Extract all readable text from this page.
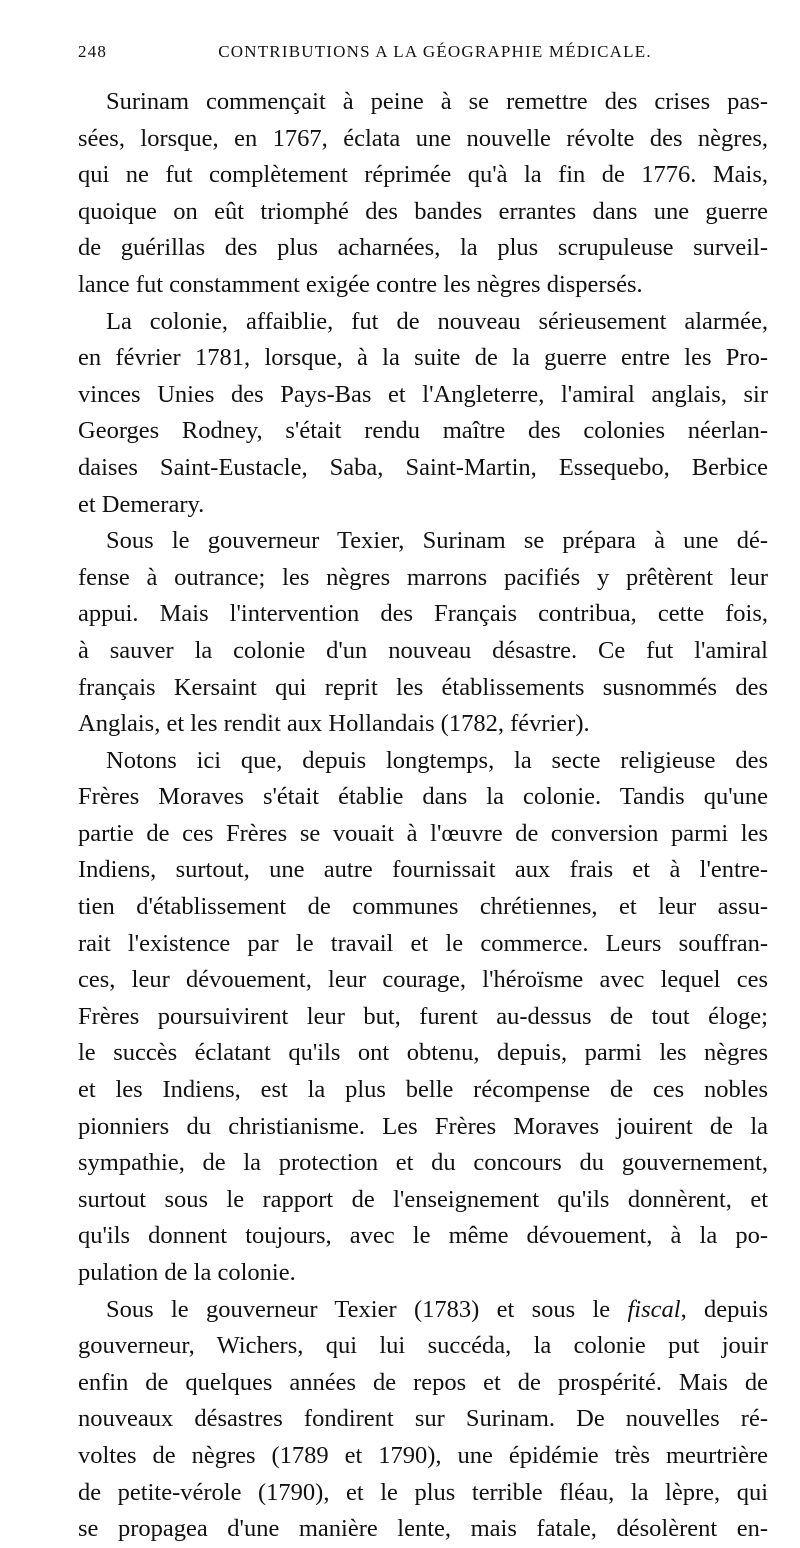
248	CONTRIBUTIONS A LA GÉOGRAPHIE MÉDICALE.
Surinam commençait à peine à se remettre des crises pas-
sées, lorsque, en 1767, éclata une nouvelle révolte des nègres,
qui ne fut complètement réprimée qu'à la fin de 1776. Mais,
quoique on eût triomphé des bandes errantes dans une guerre
de guérillas des plus acharnées, la plus scrupuleuse surveil-
lance fut constamment exigée contre les nègres dispersés.
La colonie, affaiblie, fut de nouveau sérieusement alarmée,
en février 1781, lorsque, à la suite de la guerre entre les Pro-
vinces Unies des Pays-Bas et l'Angleterre, l'amiral anglais, sir
Georges Rodney, s'était rendu maître des colonies néerlan-
daises Saint-Eustacle, Saba, Saint-Martin, Essequebo, Berbice
et Demerary.
Sous le gouverneur Texier, Surinam se prépara à une dé-
fense à outrance; les nègres marrons pacifiés y prêtèrent leur
appui. Mais l'intervention des Français contribua, cette fois,
à sauver la colonie d'un nouveau désastre. Ce fut l'amiral
français Kersaint qui reprit les établissements susnommés des
Anglais, et les rendit aux Hollandais (1782, février).
Notons ici que, depuis longtemps, la secte religieuse des
Frères Moraves s'était établie dans la colonie. Tandis qu'une
partie de ces Frères se vouait à l'œuvre de conversion parmi les
Indiens, surtout, une autre fournissait aux frais et à l'entre-
tien d'établissement de communes chrétiennes, et leur assu-
rait l'existence par le travail et le commerce. Leurs souffran-
ces, leur dévouement, leur courage, l'héroïsme avec lequel ces
Frères poursuivirent leur but, furent au-dessus de tout éloge;
le succès éclatant qu'ils ont obtenu, depuis, parmi les nègres
et les Indiens, est la plus belle récompense de ces nobles
pionniers du christianisme. Les Frères Moraves jouirent de la
sympathie, de la protection et du concours du gouvernement,
surtout sous le rapport de l'enseignement qu'ils donnèrent, et
qu'ils donnent toujours, avec le même dévouement, à la po-
pulation de la colonie.
Sous le gouverneur Texier (1783) et sous le fiscal, depuis
gouverneur, Wichers, qui lui succéda, la colonie put jouir
enfin de quelques années de repos et de prospérité. Mais de
nouveaux désastres fondirent sur Surinam. De nouvelles ré-
voltes de nègres (1789 et 1790), une épidémie très meurtrière
de petite-vérole (1790), et le plus terrible fléau, la lèpre, qui
se propagea d'une manière lente, mais fatale, désolèrent en-
